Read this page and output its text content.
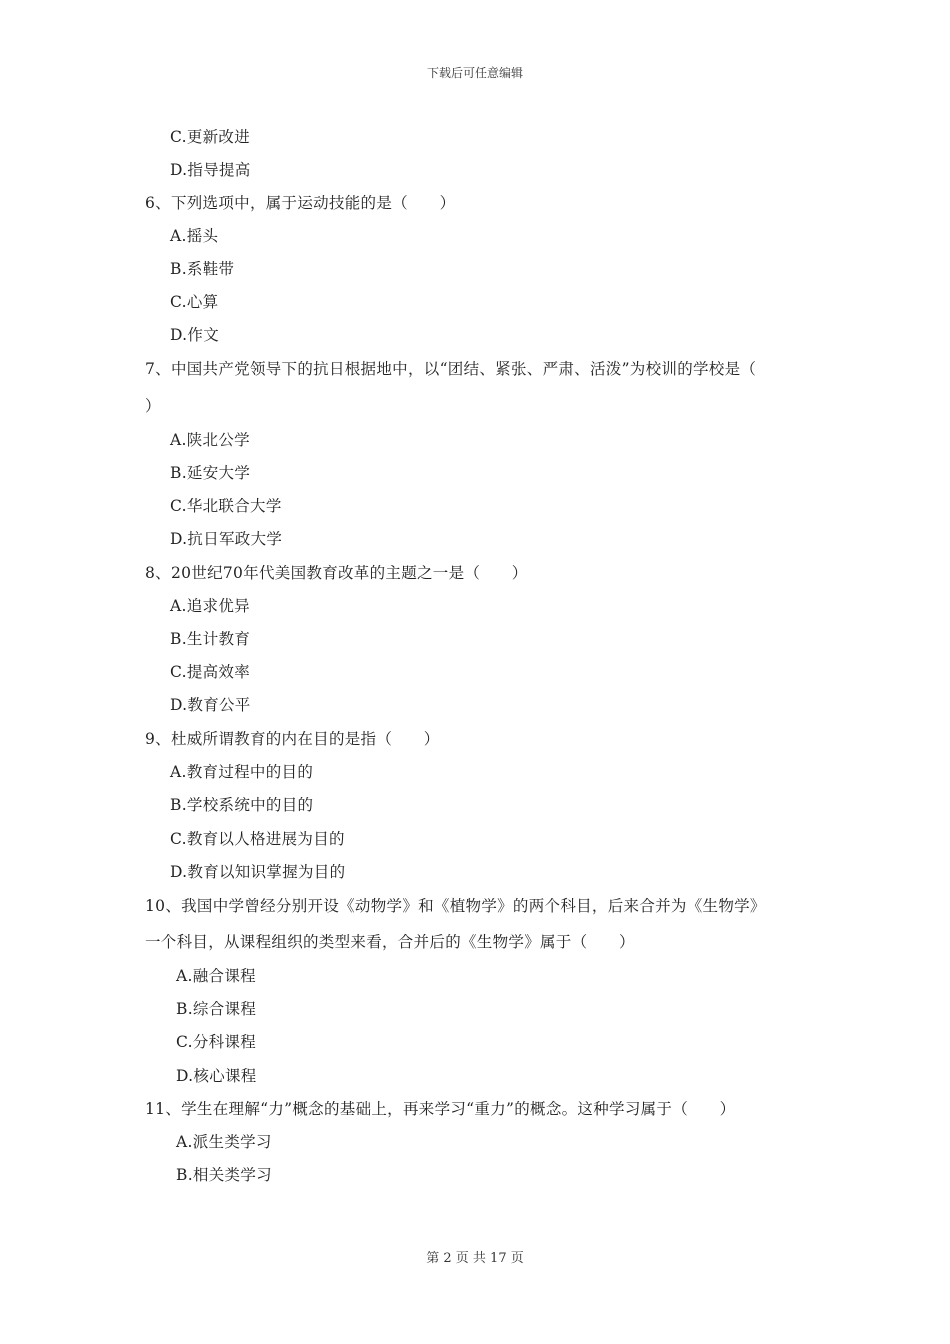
下载后可任意编辑
C.更新改进
D.指导提高
6、下列选项中，属于运动技能的是（　　）
A.摇头
B.系鞋带
C.心算
D.作文
7、中国共产党领导下的抗日根据地中，以“团结、紧张、严肃、活泼”为校训的学校是（
）
A.陕北公学
B.延安大学
C.华北联合大学
D.抗日军政大学
8、20世纪70年代美国教育改革的主题之一是（　　）
A.追求优异
B.生计教育
C.提高效率
D.教育公平
9、杜威所谓教育的内在目的是指（　　）
A.教育过程中的目的
B.学校系统中的目的
C.教育以人格进展为目的
D.教育以知识掌握为目的
10、我国中学曾经分别开设《动物学》和《植物学》的两个科目，后来合并为《生物学》
一个科目，从课程组织的类型来看，合并后的《生物学》属于（　　）
A.融合课程
B.综合课程
C.分科课程
D.核心课程
11、学生在理解“力”概念的基础上，再来学习“重力”的概念。这种学习属于（　　）
A.派生类学习
B.相关类学习
第 2 页 共 17 页
